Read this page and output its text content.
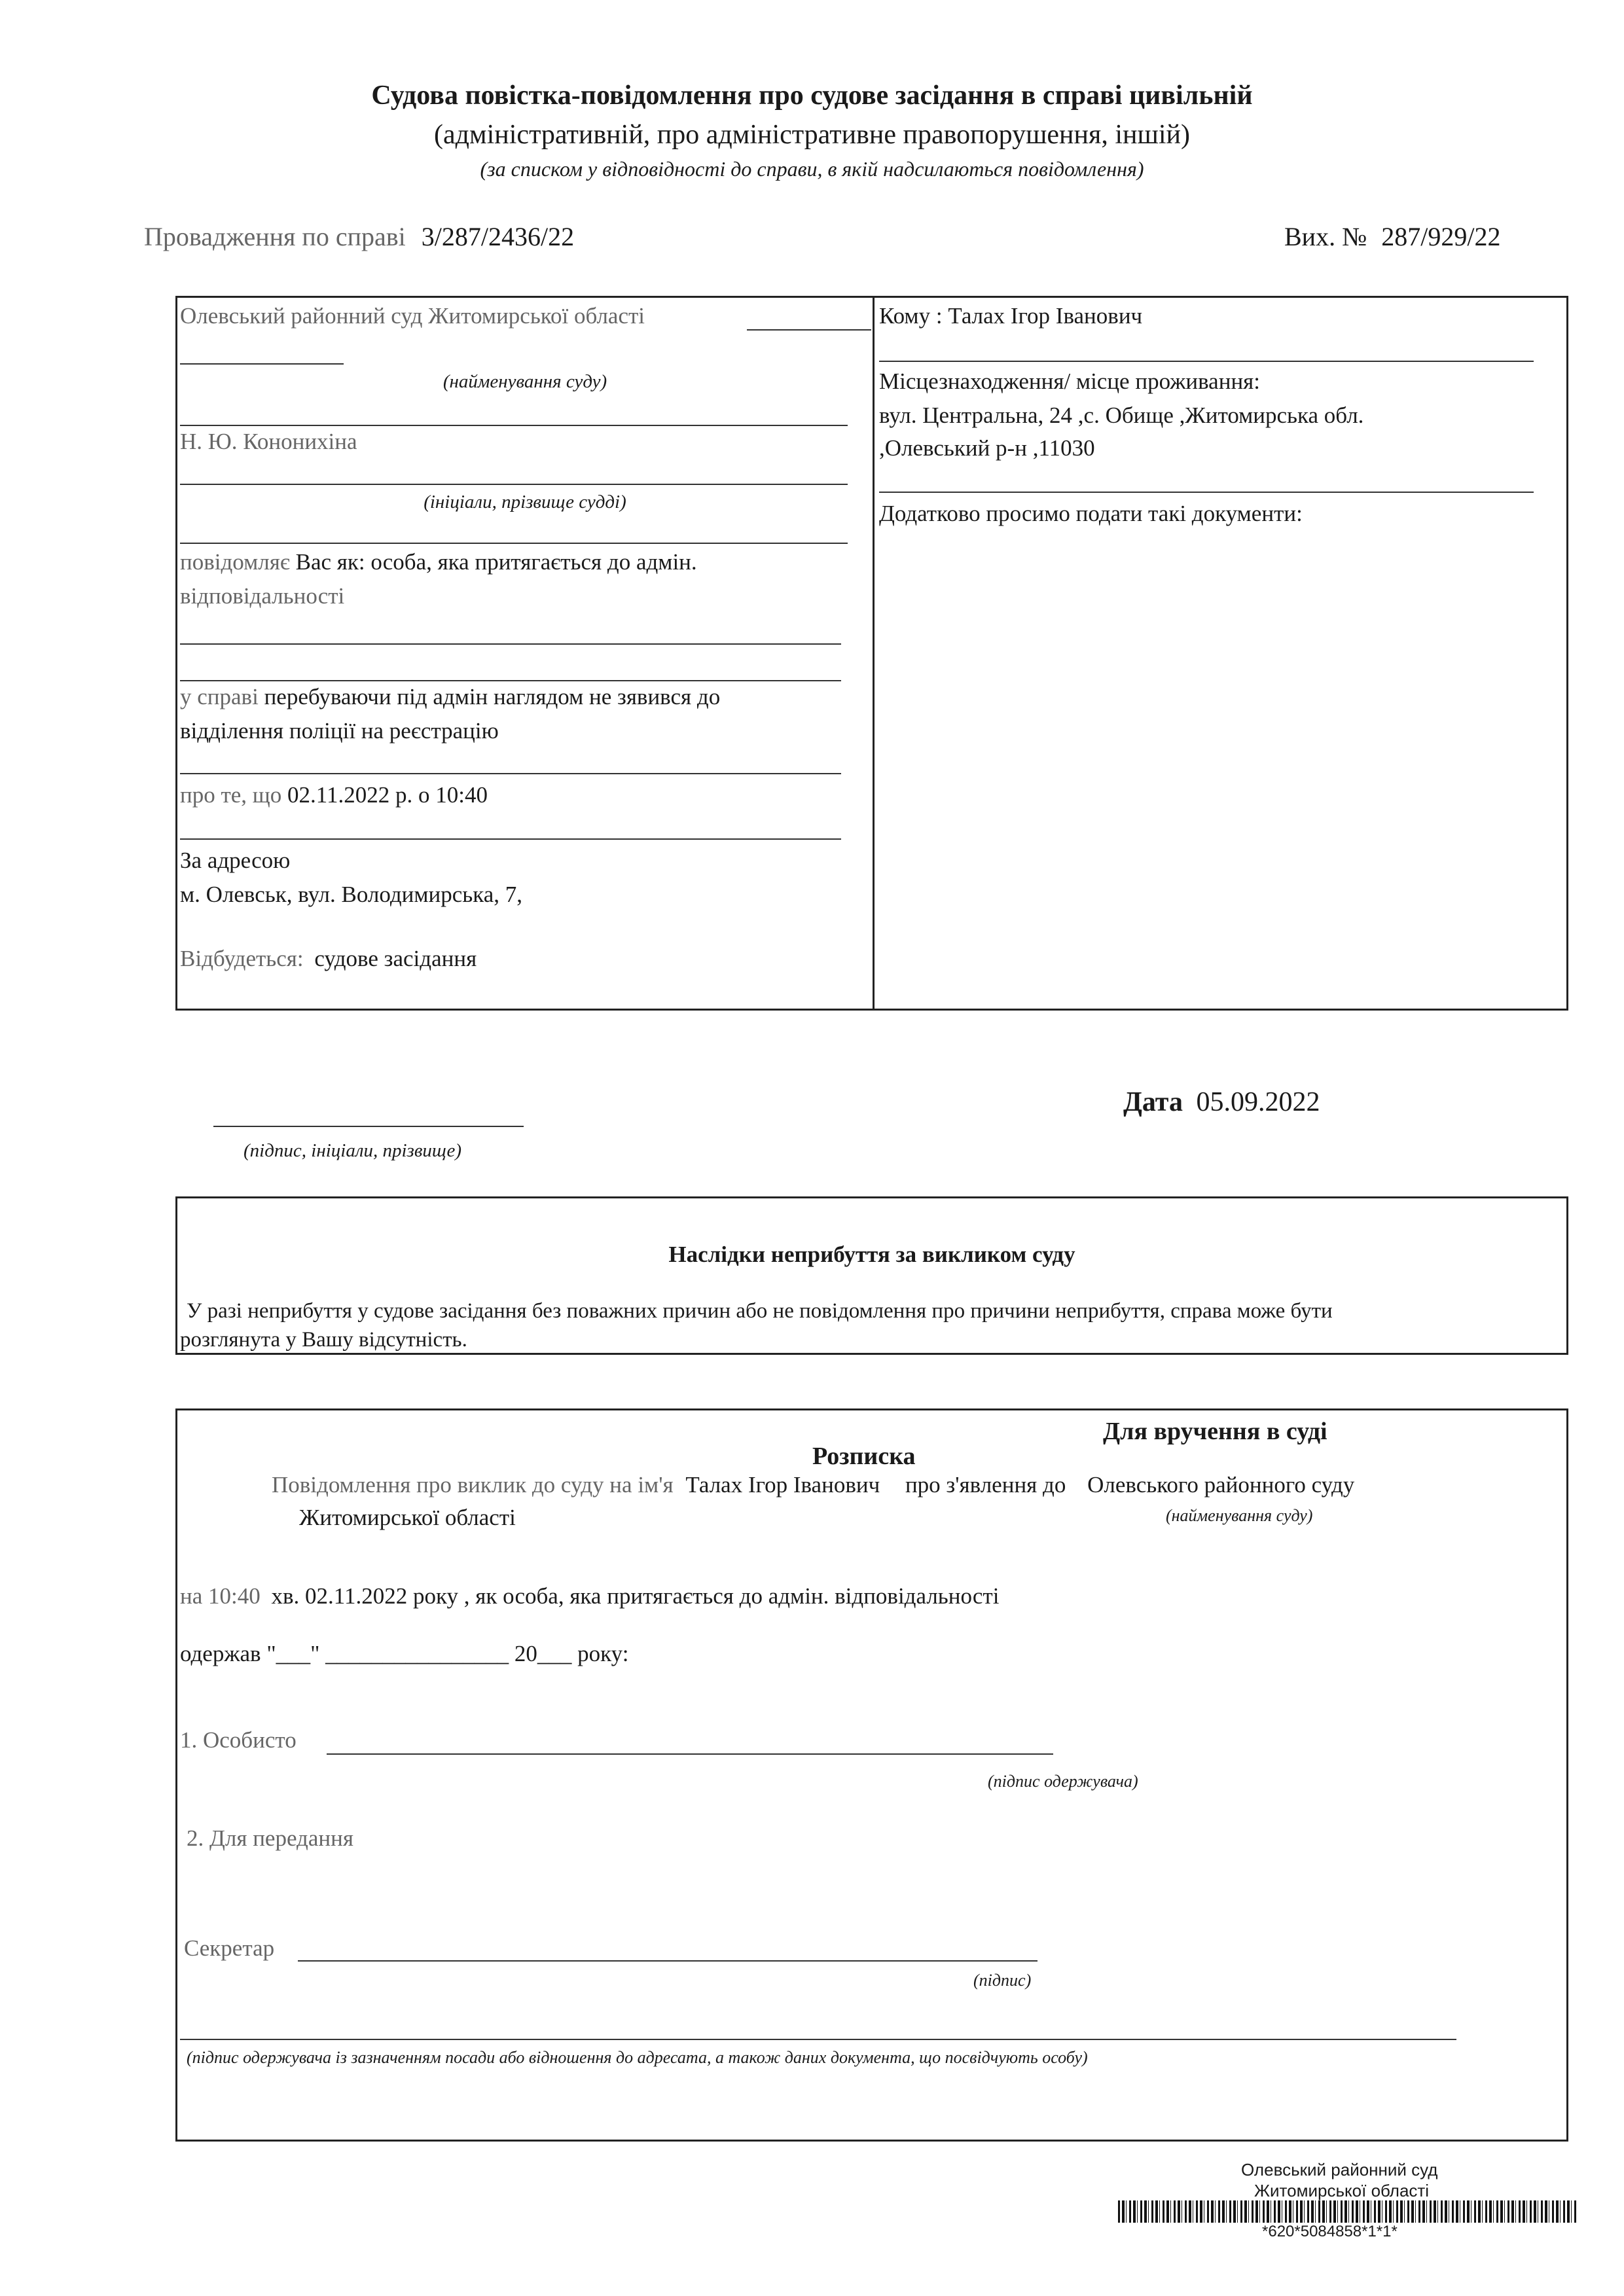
Судова повістка-повідомлення про судове засідання в справі цивільній
(адміністративній, про адміністративне правопорушення, іншій)
(за списком у відповідності до справи, в якій надсилаються повідомлення)
Провадження по справі 3/287/2436/22	Вих. № 287/929/22
Олевський районний суд Житомирської області
(найменування суду)
Н. Ю. Кононихіна
(ініціали, прізвище судді)
повідомляє Вас як: особа, яка притягається до адмін.
відповідальності
у справі перебуваючи під адмін наглядом не зявився до
відділення поліції на реєстрацію
про те, що 02.11.2022 р. о 10:40
За адресою
м. Олевськ, вул. Володимирська, 7,
Відбудеться: судове засідання
Кому : Талах Ігор Іванович
Місцезнаходження/ місце проживання:
вул. Центральна, 24 ,с. Обище ,Житомирська обл.
,Олевський р-н ,11030
Додатково просимо подати такі документи:
(підпис, ініціали, прізвище)
Дата 05.09.2022
Наслідки неприбуття за викликом суду
У разі неприбуття у судове засідання без поважних причин або не повідомлення про причини неприбуття, справа може бути
розглянута у Вашу відсутність.
Для вручення в суді
Розписка
Повідомлення про виклик до суду на ім'я Талах Ігор Іванович про з'явлення до Олевського районного суду
Житомирської області	(найменування суду)
на 10:40 хв. 02.11.2022 року , як особа, яка притягається до адмін. відповідальності
одержав "___" ________________ 20___ року:
1. Особисто
(підпис одержувача)
2. Для передання
Секретар
(підпис)
(підпис одержувача із зазначенням посади або відношення до адресата, а також даних документа, що посвідчують особу)
Олевський районний суд
Житомирської області
*620*5084858*1*1*
